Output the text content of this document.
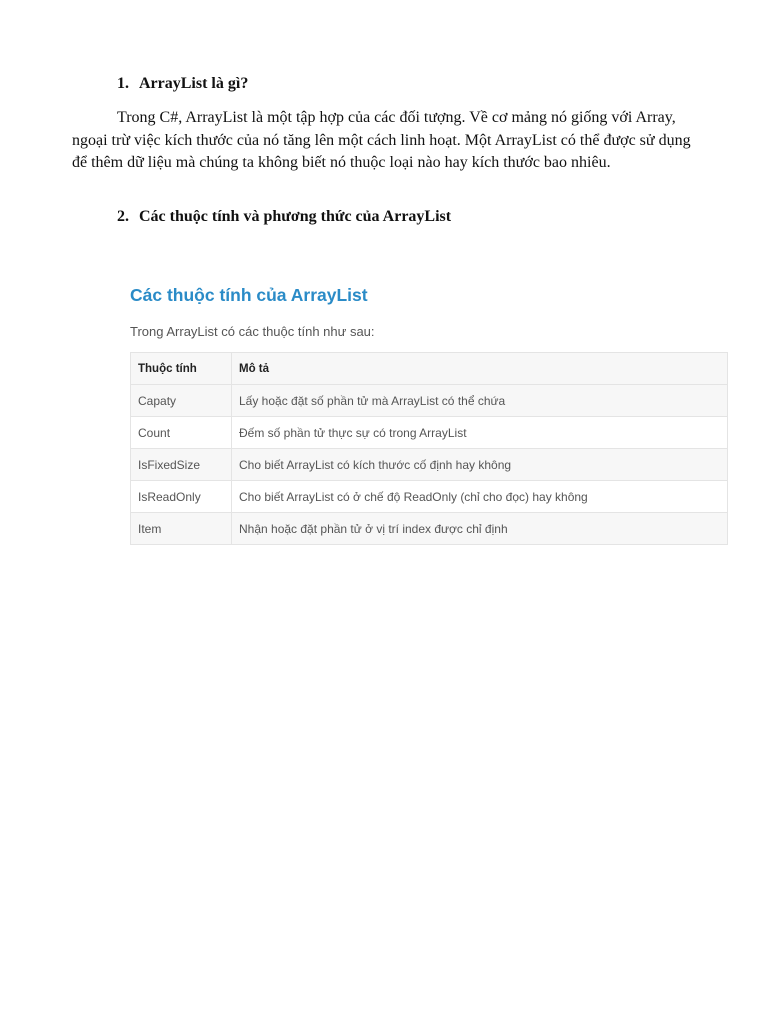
1. ArrayList là gì?

Trong C#, ArrayList là một tập hợp của các đối tượng. Về cơ mảng nó giống với Array, ngoại trừ việc kích thước của nó tăng lên một cách linh hoạt. Một ArrayList có thể được sử dụng để thêm dữ liệu mà chúng ta không biết nó thuộc loại nào hay kích thước bao nhiêu.

2. Các thuộc tính và phương thức của ArrayList
Các thuộc tính của ArrayList

Trong ArrayList có các thuộc tính như sau:

Thuộc tính	Mô tả
Capaty	Lấy hoặc đặt số phần tử mà ArrayList có thể chứa
Count	Đếm số phần tử thực sự có trong ArrayList
IsFixedSize	Cho biết ArrayList có kích thước cố định hay không
IsReadOnly	Cho biết ArrayList có ở chế độ ReadOnly (chỉ cho đọc) hay không
Item	Nhận hoặc đặt phần tử ở vị trí index được chỉ định
